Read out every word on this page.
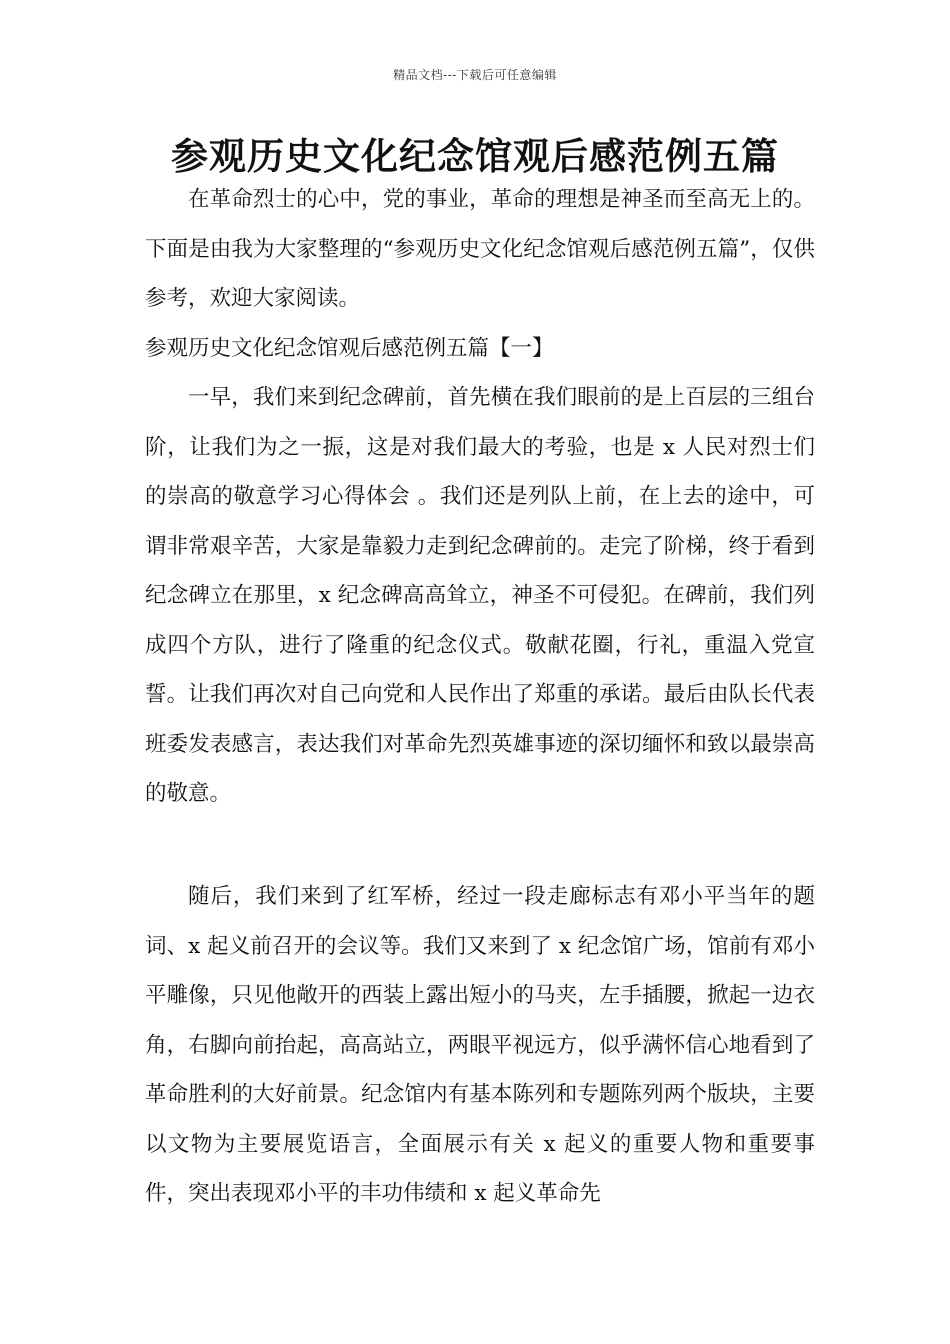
精品文档---下载后可任意编辑
参观历史文化纪念馆观后感范例五篇

在革命烈士的心中，党的事业，革命的理想是神圣而至高无上的。下面是由我为大家整理的“参观历史文化纪念馆观后感范例五篇”，仅供参考，欢迎大家阅读。

参观历史文化纪念馆观后感范例五篇【一】

一早，我们来到纪念碑前，首先横在我们眼前的是上百层的三组台阶，让我们为之一振，这是对我们最大的考验，也是 x 人民对烈士们的崇高的敬意学习心得体会 。我们还是列队上前，在上去的途中，可谓非常艰辛苦，大家是靠毅力走到纪念碑前的。走完了阶梯，终于看到纪念碑立在那里，x 纪念碑高高耸立，神圣不可侵犯。在碑前，我们列成四个方队，进行了隆重的纪念仪式。敬献花圈，行礼，重温入党宣誓。让我们再次对自己向党和人民作出了郑重的承诺。最后由队长代表班委发表感言，表达我们对革命先烈英雄事迹的深切缅怀和致以最崇高的敬意。

随后，我们来到了红军桥，经过一段走廊标志有邓小平当年的题词、x 起义前召开的会议等。我们又来到了 x 纪念馆广场，馆前有邓小平雕像，只见他敞开的西装上露出短小的马夹，左手插腰，掀起一边衣角，右脚向前抬起，高高站立，两眼平视远方，似乎满怀信心地看到了革命胜利的大好前景。纪念馆内有基本陈列和专题陈列两个版块，主要以文物为主要展览语言，全面展示有关 x 起义的重要人物和重要事件，突出表现邓小平的丰功伟绩和 x 起义革命先
